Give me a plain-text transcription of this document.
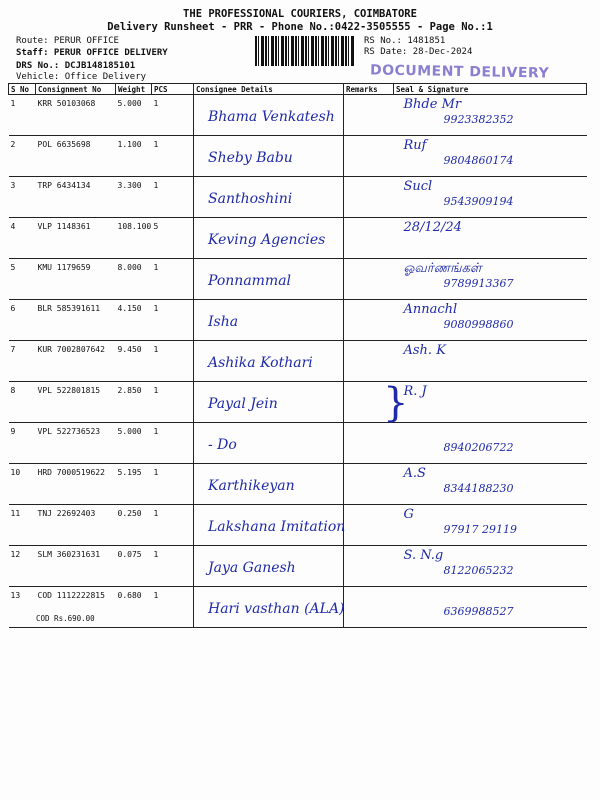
THE PROFESSIONAL COURIERS, COIMBATORE
Delivery Runsheet - PRR - Phone No.:0422-3505555 - Page No.:1
Route: PERUR OFFICE
Staff: PERUR OFFICE DELIVERY
DRS No.: DCJB148185101
Vehicle: Office Delivery
RS No.: 1481851
RS Date: 28-Dec-2024
DOCUMENT DELIVERY
S No	Consignment No	Weight	PCS	Consignee Details	Remarks	Seal & Signature
1	KRR 50103068	5.000	1	Bhama Venkatesh		Bhde Mr
9923382352

2	POL 6635698	1.100	1	Sheby Babu		Ruf
9804860174

3	TRP 6434134	3.300	1	Santhoshini		Sucl
9543909194

4	VLP 1148361	108.100	5	Keving Agencies		28/12/24

5	KMU 1179659	8.000	1	Ponnammal		ஓவர்ணங்கள்
9789913367

6	BLR 585391611	4.150	1	Isha		Annachl
9080998860

7	KUR 7002807642	9.450	1	Ashika Kothari		Ash. K

8	VPL 522801815	2.850	1	Payal Jein		R. J

9	VPL 522736523	5.000	1	- Do		8940206722

10	HRD 7000519622	5.195	1	Karthikeyan		A.S
8344188230

11	TNJ 22692403	0.250	1	Lakshana Imitation		G
97917 29119

12	SLM 360231631	0.075	1	Jaya Ganesh		S. N.g
8122065232

13	COD 1112222815	0.680	1	Hari vasthan (ALA)		6369988527
COD Rs.690.00
}
